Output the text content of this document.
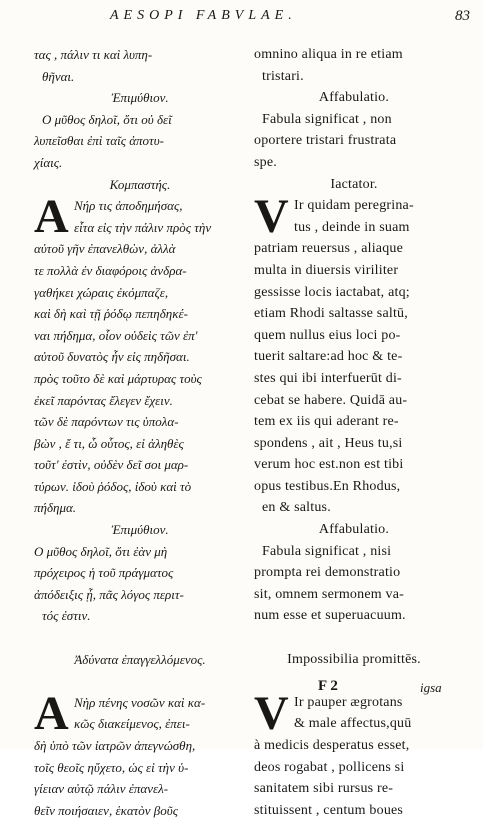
AESOPI FABVLAE.	83
τας , πάλιν τι καὶ λυπη-
θῆναι.
Ἐπιμύθιον.
Ο μῦθος δηλοῖ, ὅτι οὐ δεῖ
λυπεῖσθαι ἐπὶ ταῖς ἀποτυ-
χίαις.
Κομπαστής.
Α Νήρ τις ἀποδημήσας,
εἶτα εἰς τὴν πάλιν πρὸς τὴν
αὐτοῦ γῆν ἐπανελθὼν, ἀλλὰ
τε πολλὰ ἐν διαφόροις ἀνδρα-
γαθήκει χώραις ἐκόμπαζε,
καὶ δὴ καὶ τῇ ῥόδῳ πεπηδηκέ-
ναι πήδημα, οἷον οὐδεὶς τῶν ἐπ'
αὐτοῦ δυνατὸς ἦν εἰς πηδῆσαι.
πρὸς τοῦτο δὲ καὶ μάρτυρας τοὺς
ἐκεῖ παρόντας ἔλεγεν ἔχειν.
τῶν δὲ παρόντων τις ὑπολα-
βὼν , ἔ τι, ὦ οὗτος, εἰ ἀληθὲς
τοῦτ' ἐστὶν, οὐδὲν δεῖ σοι μαρ-
τύρων. ἰδοὺ ῥόδος, ἰδοὺ καὶ τὸ
πήδημα.
Ἐπιμύθιον.
Ο μῦθος δηλοῖ, ὅτι ἐὰν μὴ
πρόχειρος ἡ τοῦ πράγματος
ἀπόδειξις ᾖ, πᾶς λόγος περιτ-
τός ἐστιν.
Ἀδύνατα ἐπαγγελλόμενος.
Α Νὴρ πένης νοσῶν καὶ κα-
κῶς διακείμενος, ἐπει-
δὴ ὑπὸ τῶν ἰατρῶν ἀπεγνώσθη,
τοῖς θεοῖς ηὔχετο, ὡς εἰ τὴν ὑ-
γίειαν αὐτῷ πάλιν ἐπανελ-
θεῖν ποιήσαιεν, ἑκατὸν βοῦς
omnino aliqua in re etiam
tristari.
Affabulatio.
Fabula significat , non
oportere tristari frustrata
spe.
Iactator.
V Ir quidam peregrina-
tus , deinde in suam
patriam reuersus , aliaque
multa in diuersis viriliter
gessisse locis iactabat, atq;
etiam Rhodi saltasse saltū,
quem nullus eius loci po-
tuerit saltare:ad hoc & te-
stes qui ibi interfuerūt di-
cebat se habere. Quidā au-
tem ex iis qui aderant re-
spondens , ait , Heus tu,si
verum hoc est.non est tibi
opus testibus.En Rhodus,
en & saltus.
Affabulatio.
Fabula significat , nisi
prompta rei demonstratio
sit, omnem sermonem va-
num esse et superuacuum.
Impossibilia promittēs.
V Ir pauper ægrotans
& male affectus,quū
à medicis desperatus esset,
deos rogabat , pollicens si
sanitatem sibi rursus re-
stituissent , centum boues
F 2	igsa
